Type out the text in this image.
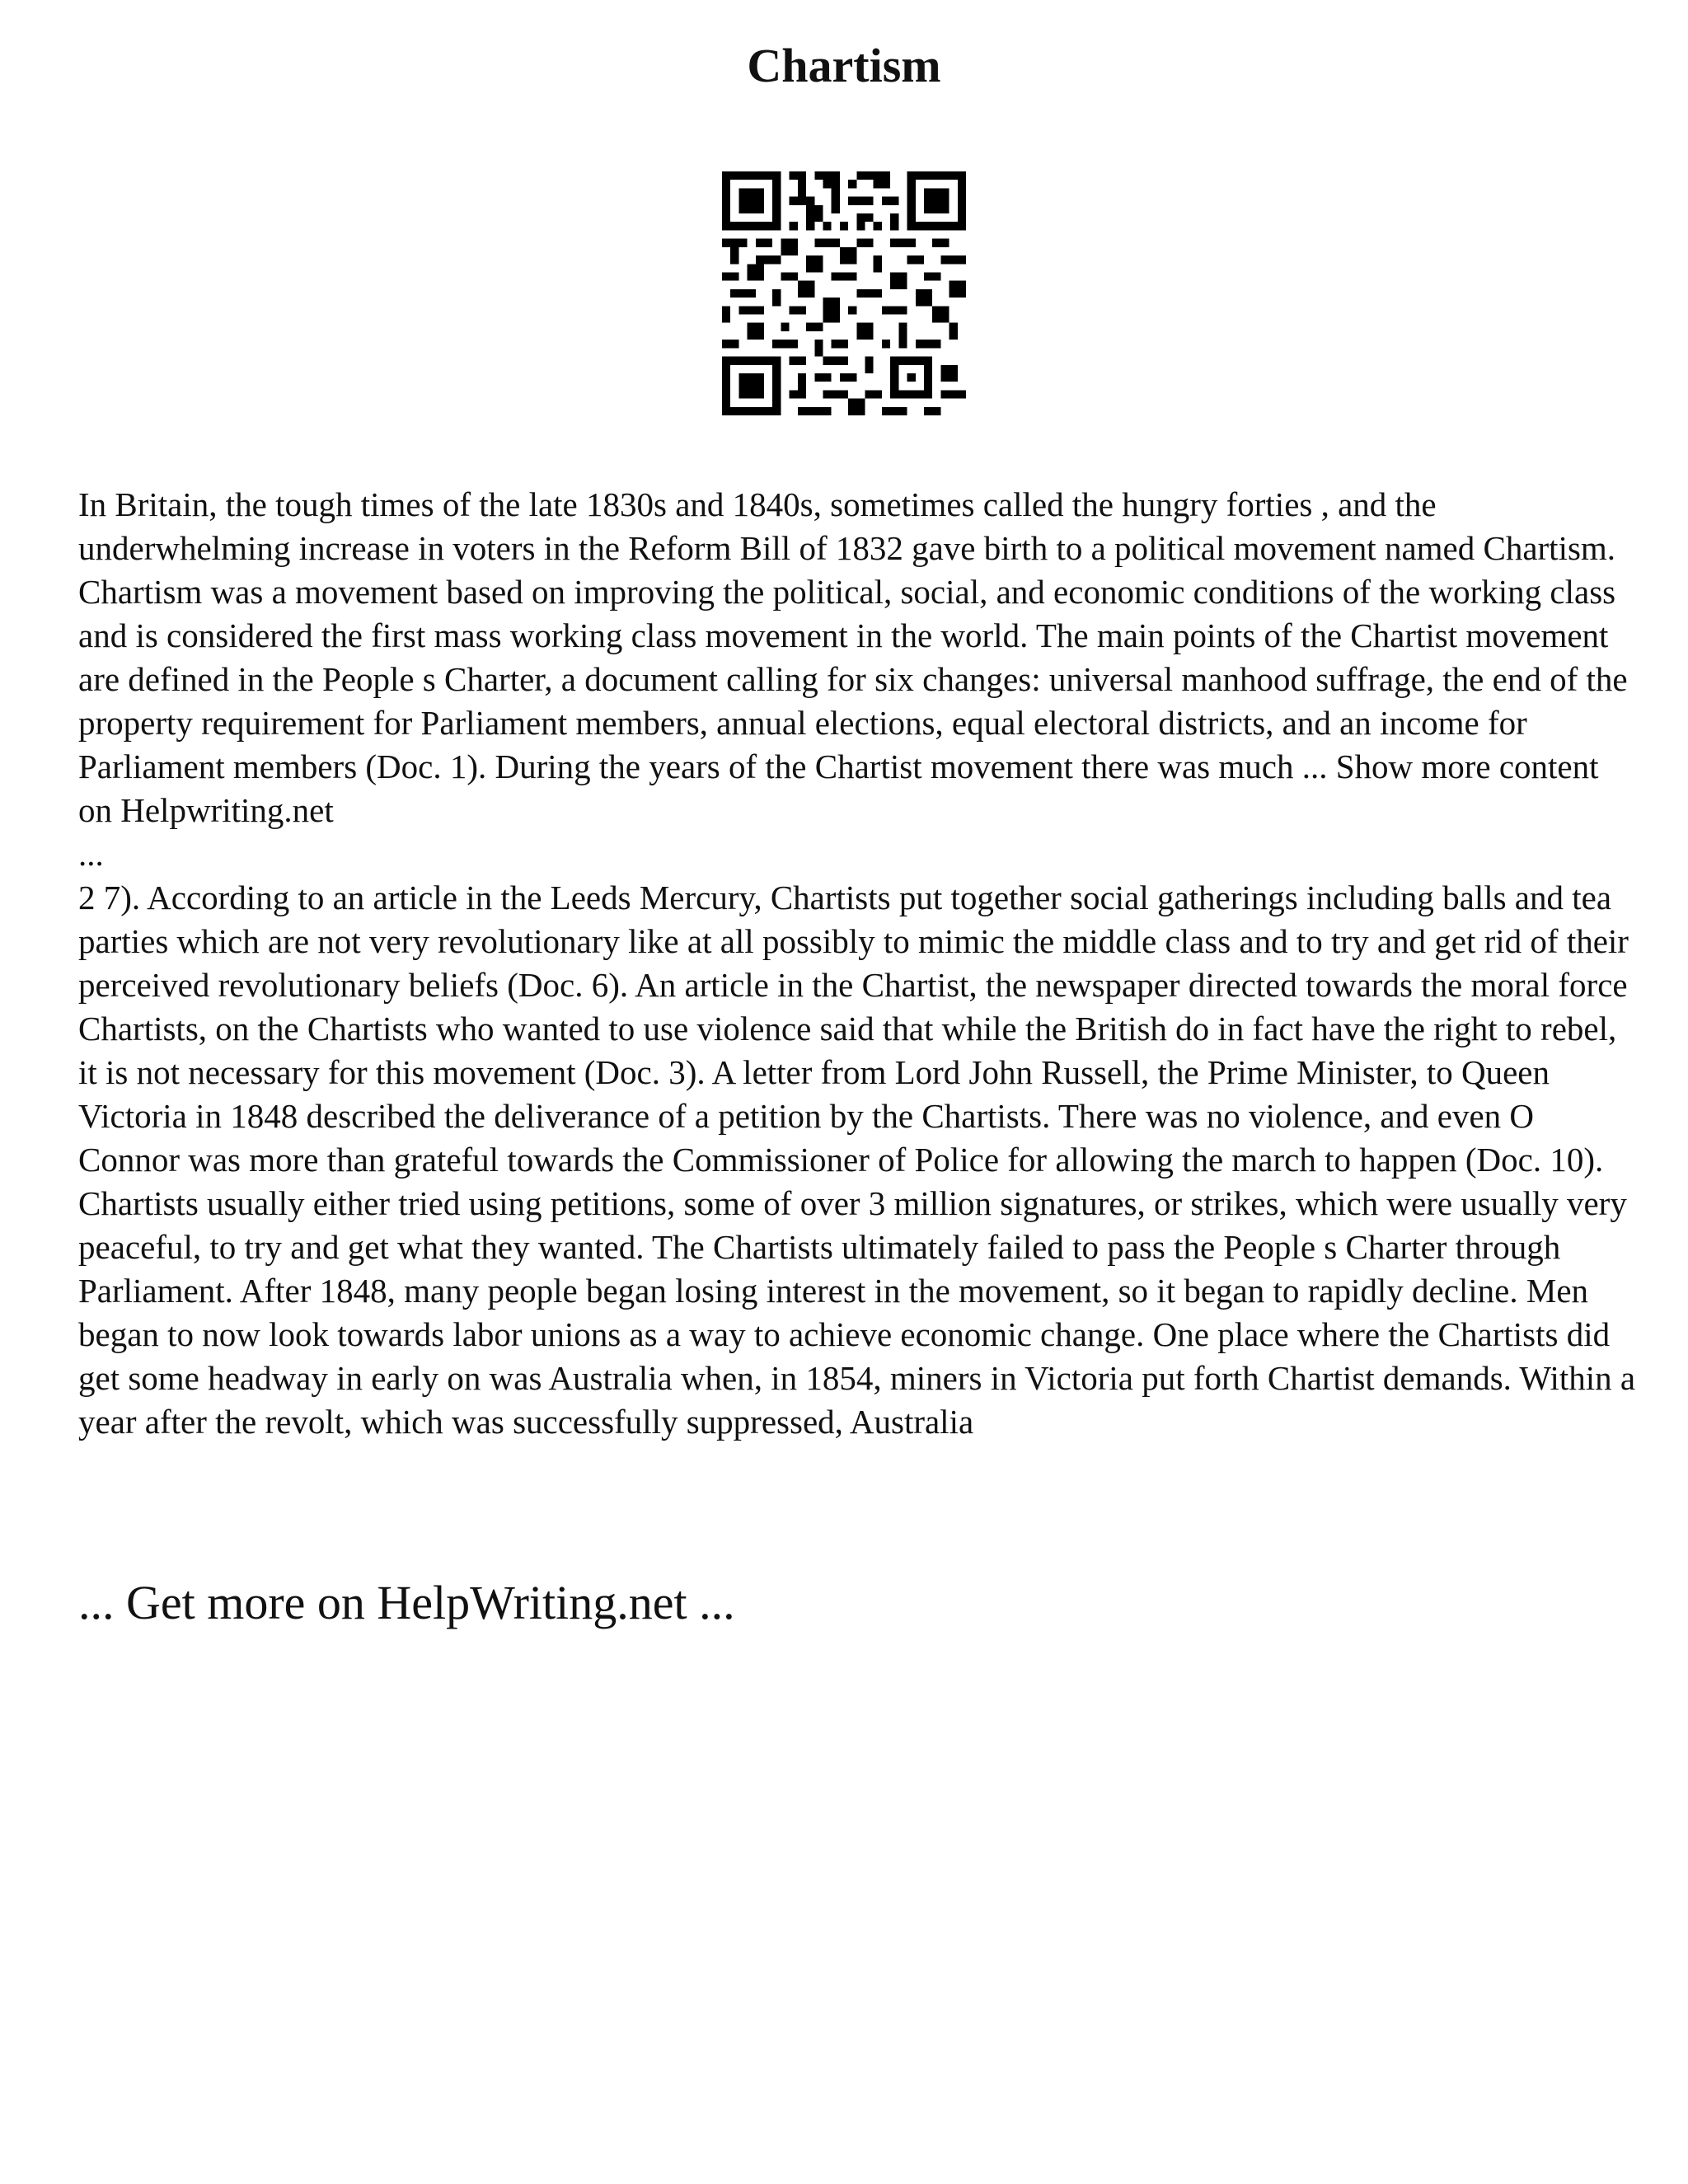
Chartism

In Britain, the tough times of the late 1830s and 1840s, sometimes called the hungry forties , and the underwhelming increase in voters in the Reform Bill of 1832 gave birth to a political movement named Chartism. Chartism was a movement based on improving the political, social, and economic conditions of the working class and is considered the first mass working class movement in the world. The main points of the Chartist movement are defined in the People s Charter, a document calling for six changes: universal manhood suffrage, the end of the property requirement for Parliament members, annual elections, equal electoral districts, and an income for Parliament members (Doc. 1). During the years of the Chartist movement there was much ... Show more content on Helpwriting.net

...

2 7). According to an article in the Leeds Mercury, Chartists put together social gatherings including balls and tea parties which are not very revolutionary like at all possibly to mimic the middle class and to try and get rid of their perceived revolutionary beliefs (Doc. 6). An article in the Chartist, the newspaper directed towards the moral force Chartists, on the Chartists who wanted to use violence said that while the British do in fact have the right to rebel, it is not necessary for this movement (Doc. 3). A letter from Lord John Russell, the Prime Minister, to Queen Victoria in 1848 described the deliverance of a petition by the Chartists. There was no violence, and even O Connor was more than grateful towards the Commissioner of Police for allowing the march to happen (Doc. 10). Chartists usually either tried using petitions, some of over 3 million signatures, or strikes, which were usually very peaceful, to try and get what they wanted. The Chartists ultimately failed to pass the People s Charter through Parliament. After 1848, many people began losing interest in the movement, so it began to rapidly decline. Men began to now look towards labor unions as a way to achieve economic change. One place where the Chartists did get some headway in early on was Australia when, in 1854, miners in Victoria put forth Chartist demands. Within a year after the revolt, which was successfully suppressed, Australia

... Get more on HelpWriting.net ...
